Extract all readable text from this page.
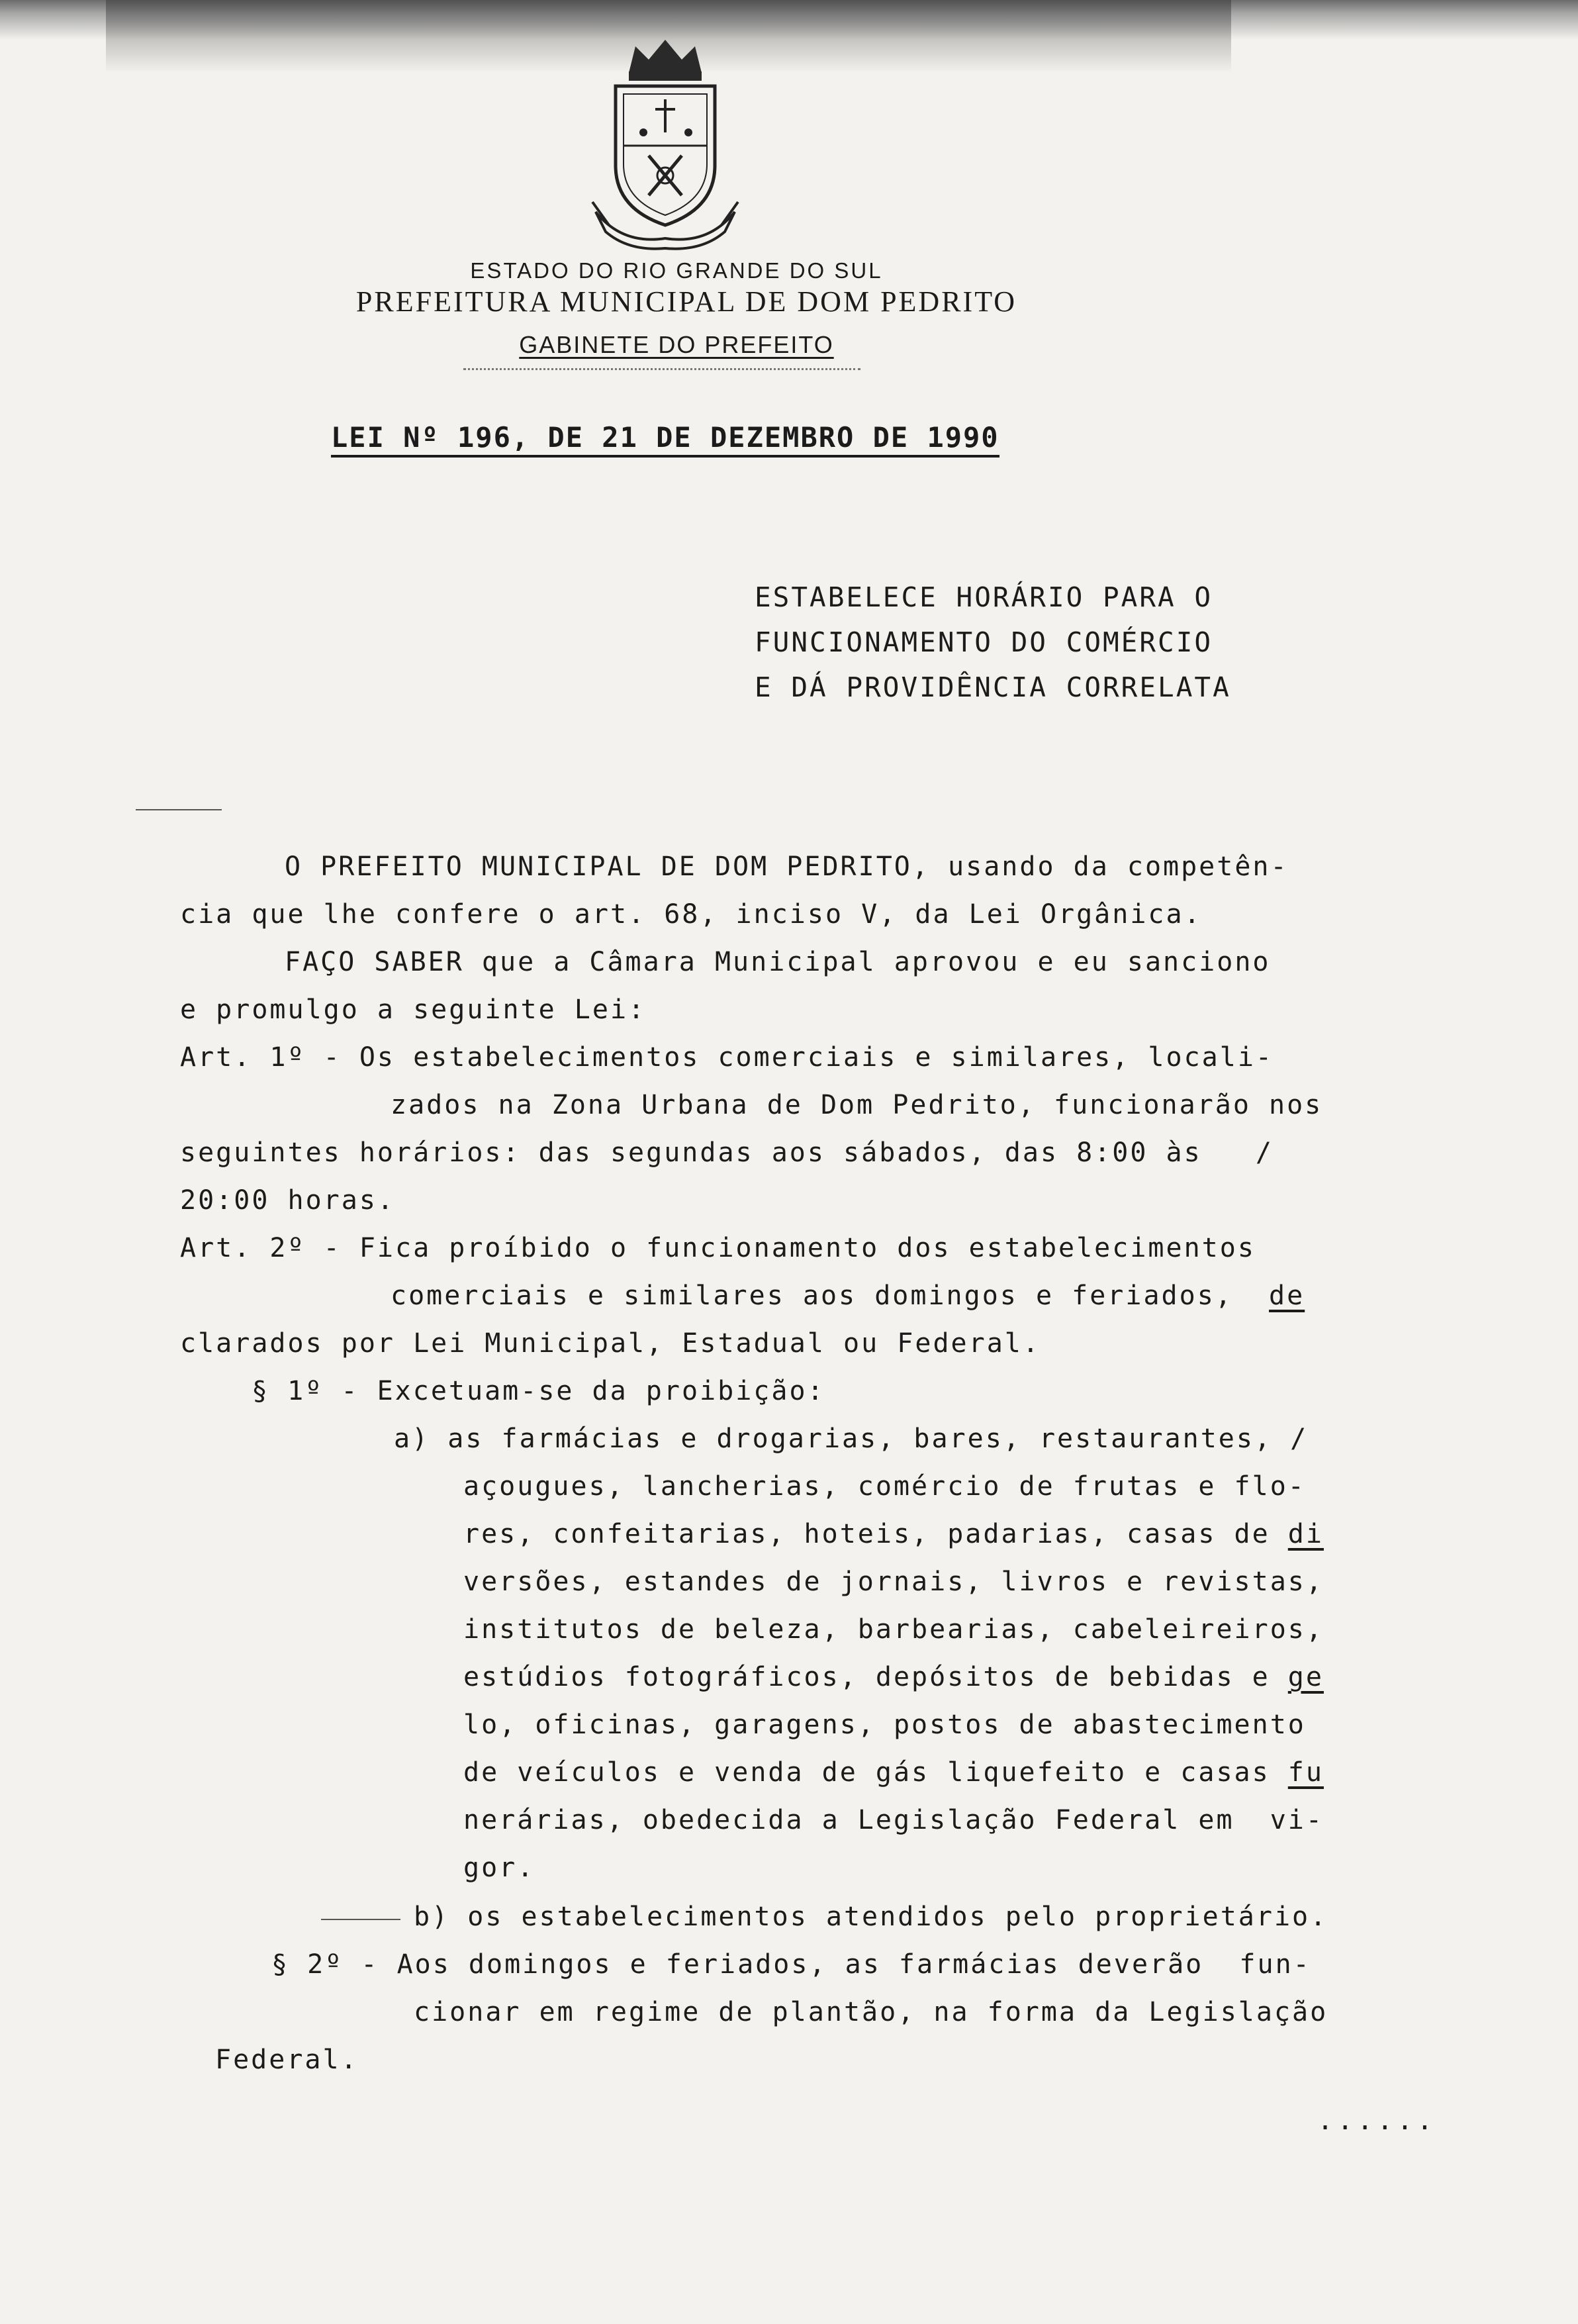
ESTADO DO RIO GRANDE DO SUL
PREFEITURA MUNICIPAL DE DOM PEDRITO
GABINETE DO PREFEITO
LEI Nº 196, DE 21 DE DEZEMBRO DE 1990
ESTABELECE HORÁRIO PARA O
FUNCIONAMENTO DO COMÉRCIO
E DÁ PROVIDÊNCIA CORRELATA
O PREFEITO MUNICIPAL DE DOM PEDRITO, usando da competên-
cia que lhe confere o art. 68, inciso V, da Lei Orgânica.
FAÇO SABER que a Câmara Municipal aprovou e eu sanciono
e promulgo a seguinte Lei:
Art. 1º - Os estabelecimentos comerciais e similares, locali-
zados na Zona Urbana de Dom Pedrito, funcionarão nos
seguintes horários: das segundas aos sábados, das 8:00 às   /
20:00 horas.
Art. 2º - Fica proíbido o funcionamento dos estabelecimentos
comerciais e similares aos domingos e feriados,  de
clarados por Lei Municipal, Estadual ou Federal.
§ 1º - Excetuam-se da proibição:
a) as farmácias e drogarias, bares, restaurantes, /
açougues, lancherias, comércio de frutas e flo-
res, confeitarias, hoteis, padarias, casas de di
versões, estandes de jornais, livros e revistas,
institutos de beleza, barbearias, cabeleireiros,
estúdios fotográficos, depósitos de bebidas e ge
lo, oficinas, garagens, postos de abastecimento
de veículos e venda de gás liquefeito e casas fu
nerárias, obedecida a Legislação Federal em  vi-
gor.
b) os estabelecimentos atendidos pelo proprietário.
§ 2º - Aos domingos e feriados, as farmácias deverão  fun-
cionar em regime de plantão, na forma da Legislação
Federal.
......
